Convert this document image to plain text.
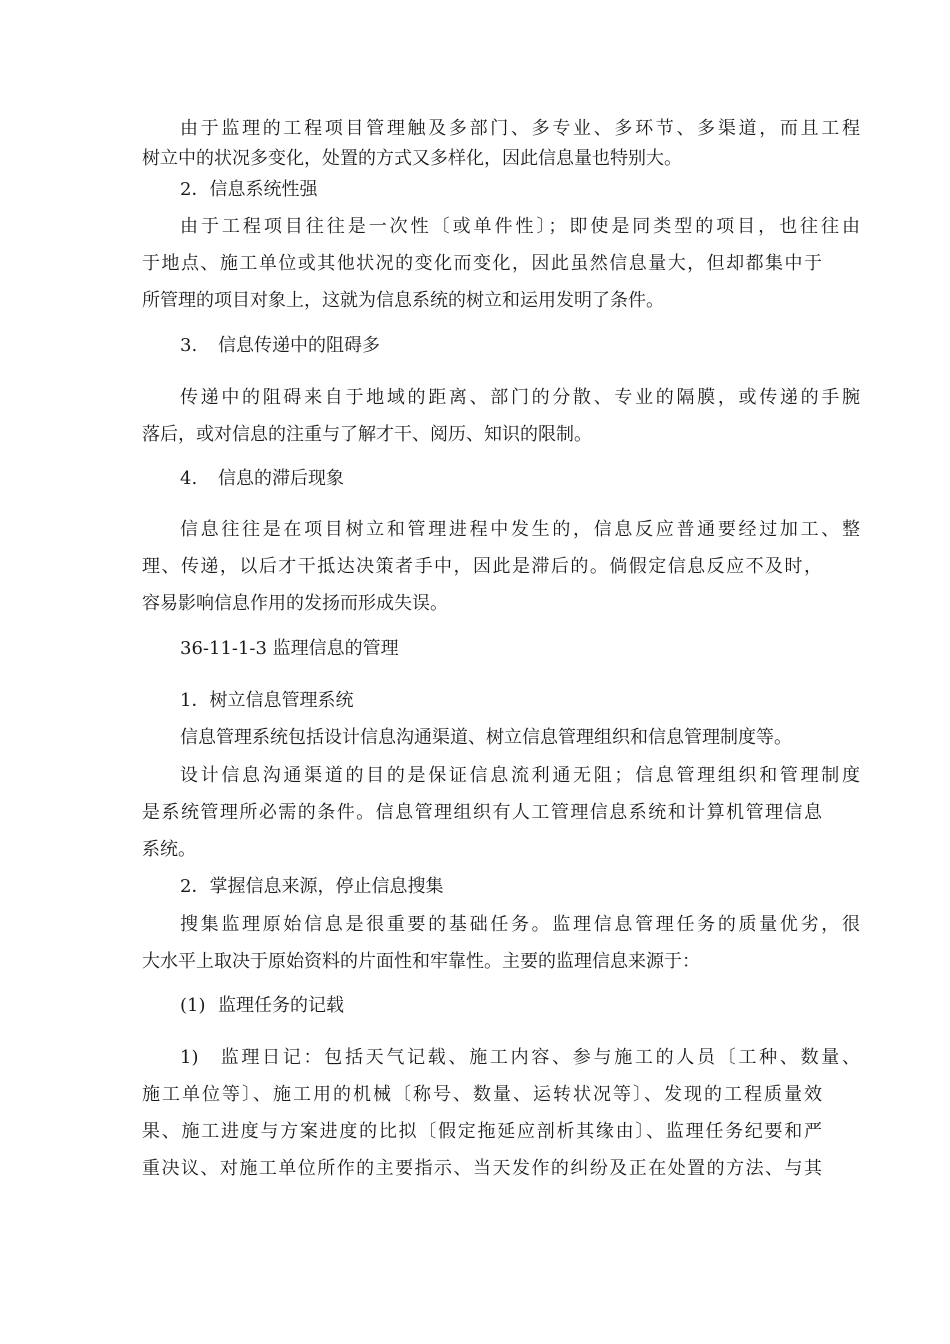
由于监理的工程项目管理触及多部门、多专业、多环节、多渠道，而且工程

树立中的状况多变化，处置的方式又多样化，因此信息量也特别大。

2．信息系统性强

由于工程项目往往是一次性〔或单件性〕；即使是同类型的项目，也往往由

于地点、施工单位或其他状况的变化而变化，因此虽然信息量大，但却都集中于

所管理的项目对象上，这就为信息系统的树立和运用发明了条件。

3. 信息传递中的阻碍多

传递中的阻碍来自于地域的距离、部门的分散、专业的隔膜，或传递的手腕

落后，或对信息的注重与了解才干、阅历、知识的限制。

4. 信息的滞后现象

信息往往是在项目树立和管理进程中发生的，信息反应普通要经过加工、整

理、传递，以后才干抵达决策者手中，因此是滞后的。倘假定信息反应不及时，

容易影响信息作用的发扬而形成失误。

36-11-1-3 监理信息的管理

1．树立信息管理系统

信息管理系统包括设计信息沟通渠道、树立信息管理组织和信息管理制度等。

设计信息沟通渠道的目的是保证信息流利通无阻；信息管理组织和管理制度

是系统管理所必需的条件。信息管理组织有人工管理信息系统和计算机管理信息

系统。

2．掌握信息来源，停止信息搜集

搜集监理原始信息是很重要的基础任务。监理信息管理任务的质量优劣，很

大水平上取决于原始资料的片面性和牢靠性。主要的监理信息来源于：

(1) 监理任务的记载

1) 监理日记：包括天气记载、施工内容、参与施工的人员〔工种、数量、

施工单位等〕、施工用的机械〔称号、数量、运转状况等〕、发现的工程质量效

果、施工进度与方案进度的比拟〔假定拖延应剖析其缘由〕、监理任务纪要和严

重决议、对施工单位所作的主要指示、当天发作的纠纷及正在处置的方法、与其
